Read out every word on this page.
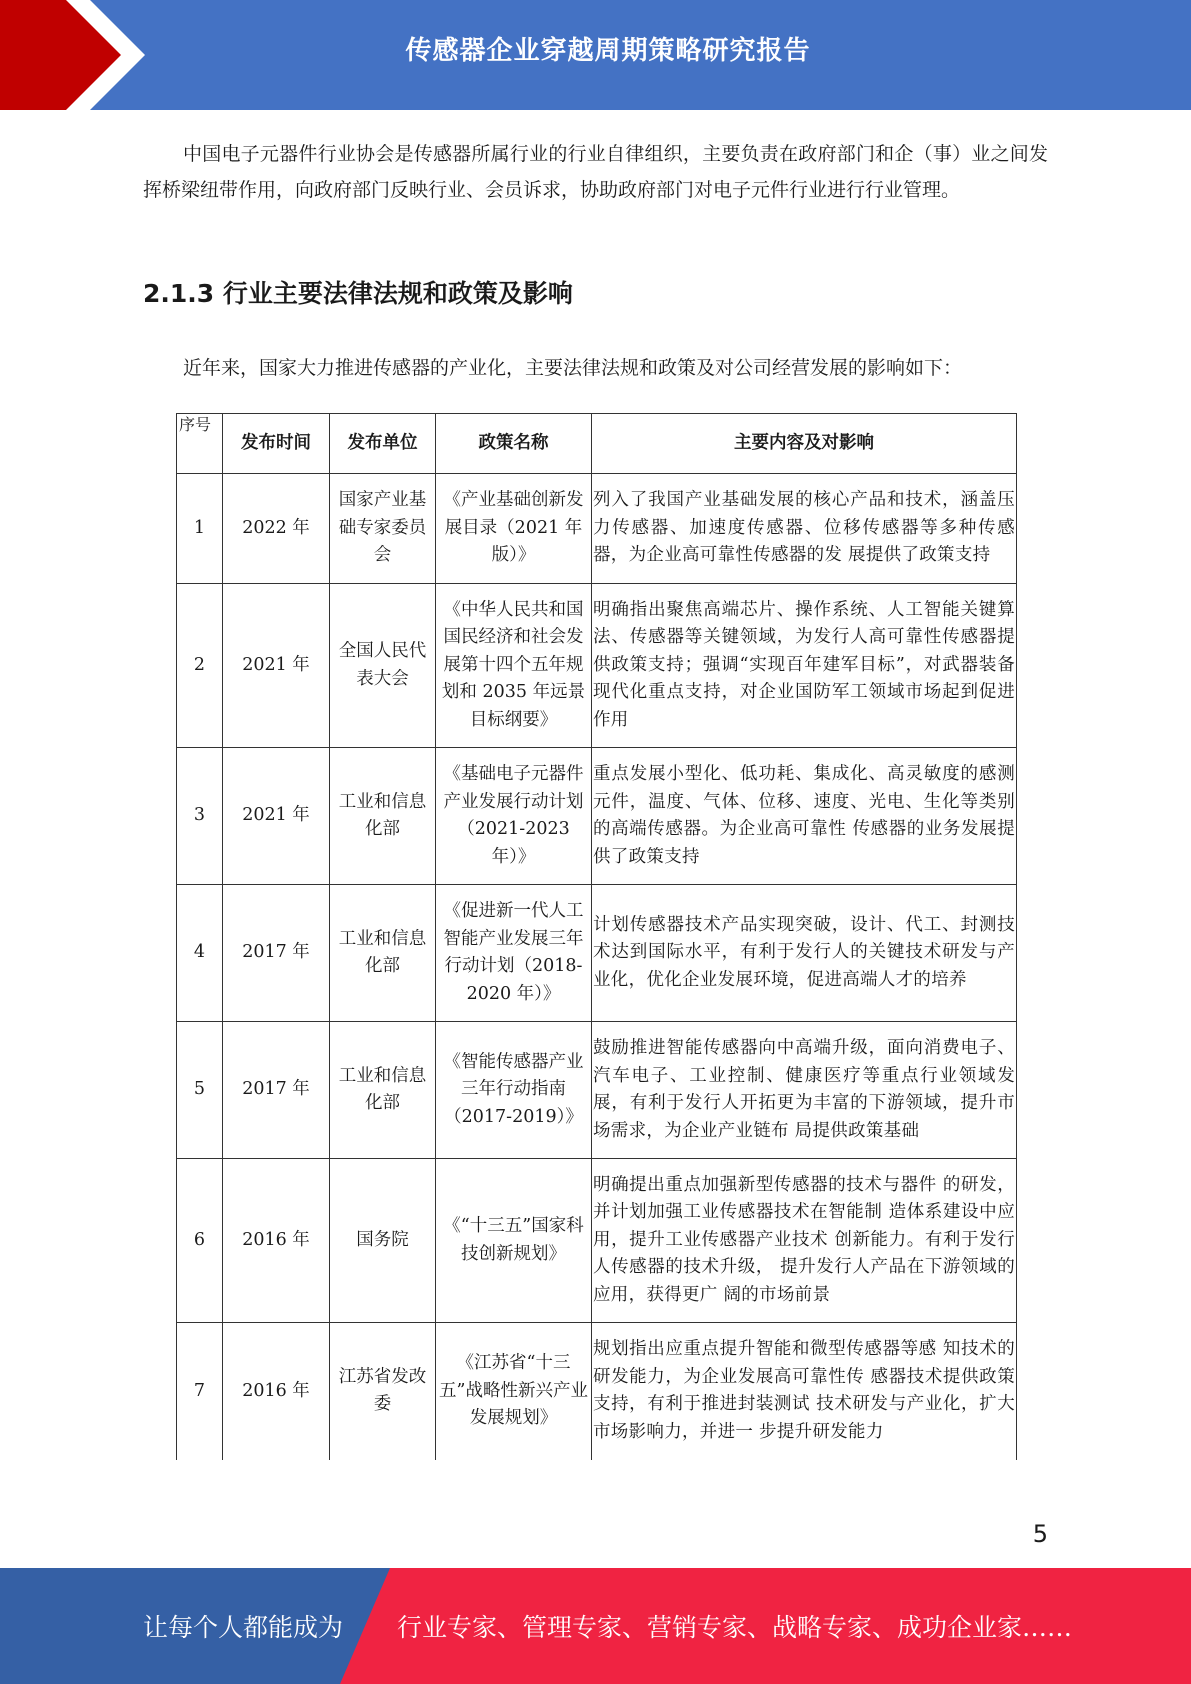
传感器企业穿越周期策略研究报告

中国电子元器件行业协会是传感器所属行业的行业自律组织，主要负责在政府部门和企（事）业之间发挥桥梁纽带作用，向政府部门反映行业、会员诉求，协助政府部门对电子元件行业进行行业管理。

2.1.3 行业主要法律法规和政策及影响

近年来，国家大力推进传感器的产业化，主要法律法规和政策及对公司经营发展的影响如下：

序号	发布时间	发布单位	政策名称	主要内容及对影响
1	2022 年	国家产业基础专家委员会	《产业基础创新发展目录（2021 年版）》	列入了我国产业基础发展的核心产品和技术，涵盖压力传感器、加速度传感器、位移传感器等多种传感器，为企业高可靠性传感器的发 展提供了政策支持
2	2021 年	全国人民代表大会	《中华人民共和国国民经济和社会发展第十四个五年规划和 2035 年远景目标纲要》	明确指出聚焦高端芯片、操作系统、人工智能关键算法、传感器等关键领域，为发行人高可靠性传感器提供政策支持；强调“实现百年建军目标”，对武器装备现代化重点支持，对企业国防军工领域市场起到促进作用
3	2021 年	工业和信息化部	《基础电子元器件产业发展行动计划（2021-2023 年）》	重点发展小型化、低功耗、集成化、高灵敏度的感测元件，温度、气体、位移、速度、光电、生化等类别的高端传感器。为企业高可靠性 传感器的业务发展提供了政策支持
4	2017 年	工业和信息化部	《促进新一代人工智能产业发展三年行动计划（2018-2020 年）》	计划传感器技术产品实现突破，设计、代工、封测技术达到国际水平，有利于发行人的关键技术研发与产业化，优化企业发展环境，促进高端人才的培养
5	2017 年	工业和信息化部	《智能传感器产业三年行动指南（2017-2019）》	鼓励推进智能传感器向中高端升级，面向消费电子、汽车电子、工业控制、健康医疗等重点行业领域发展，有利于发行人开拓更为丰富的下游领域，提升市场需求，为企业产业链布 局提供政策基础
6	2016 年	国务院	《“十三五”国家科技创新规划》	明确提出重点加强新型传感器的技术与器件 的研发，并计划加强工业传感器技术在智能制 造体系建设中应用，提升工业传感器产业技术 创新能力。有利于发行人传感器的技术升级， 提升发行人产品在下游领域的应用，获得更广 阔的市场前景
7	2016 年	江苏省发改委	《江苏省“十三五”战略性新兴产业发展规划》	规划指出应重点提升智能和微型传感器等感 知技术的研发能力，为企业发展高可靠性传 感器技术提供政策支持，有利于推进封装测试 技术研发与产业化，扩大市场影响力，并进一 步提升研发能力
5
让每个人都能成为 行业专家、管理专家、营销专家、战略专家、成功企业家……
